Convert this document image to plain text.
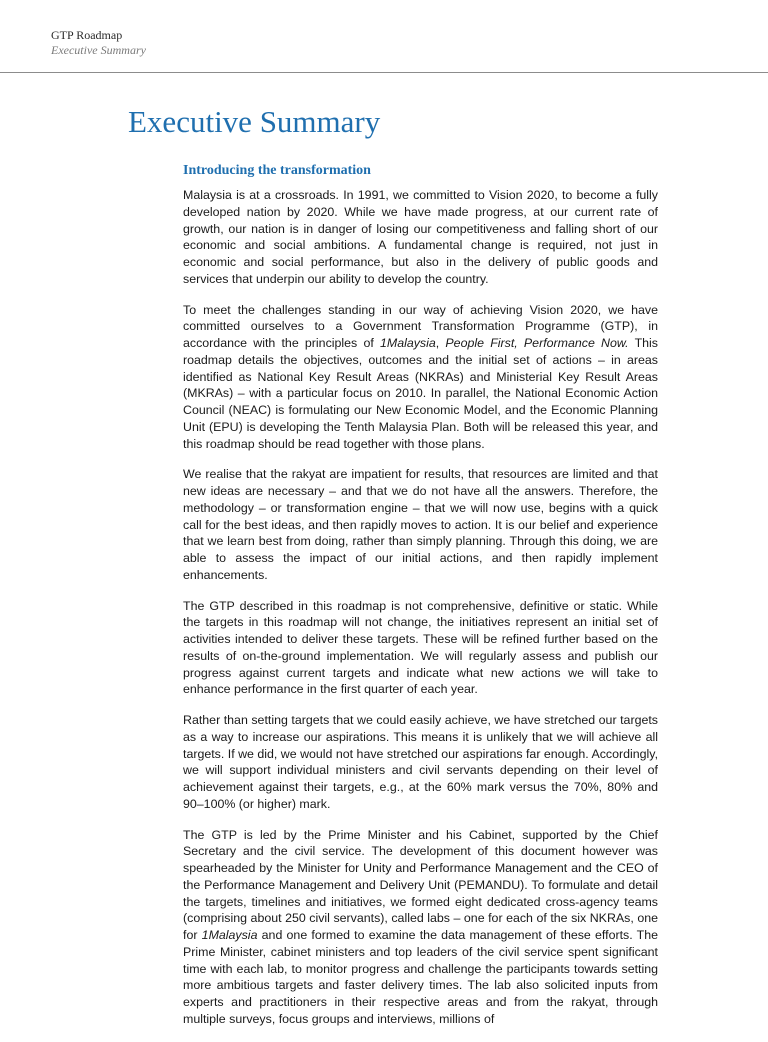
GTP Roadmap
Executive Summary
Executive Summary
Introducing the transformation

Malaysia is at a crossroads. In 1991, we committed to Vision 2020, to become a fully developed nation by 2020. While we have made progress, at our current rate of growth, our nation is in danger of losing our competitiveness and falling short of our economic and social ambitions. A fundamental change is required, not just in economic and social performance, but also in the delivery of public goods and services that underpin our ability to develop the country.

To meet the challenges standing in our way of achieving Vision 2020, we have committed ourselves to a Government Transformation Programme (GTP), in accordance with the principles of 1Malaysia, People First, Performance Now. This roadmap details the objectives, outcomes and the initial set of actions – in areas identified as National Key Result Areas (NKRAs) and Ministerial Key Result Areas (MKRAs) – with a particular focus on 2010. In parallel, the National Economic Action Council (NEAC) is formulating our New Economic Model, and the Economic Planning Unit (EPU) is developing the Tenth Malaysia Plan. Both will be released this year, and this roadmap should be read together with those plans.

We realise that the rakyat are impatient for results, that resources are limited and that new ideas are necessary – and that we do not have all the answers. Therefore, the methodology – or transformation engine – that we will now use, begins with a quick call for the best ideas, and then rapidly moves to action. It is our belief and experience that we learn best from doing, rather than simply planning. Through this doing, we are able to assess the impact of our initial actions, and then rapidly implement enhancements.

The GTP described in this roadmap is not comprehensive, definitive or static. While the targets in this roadmap will not change, the initiatives represent an initial set of activities intended to deliver these targets. These will be refined further based on the results of on-the-ground implementation. We will regularly assess and publish our progress against current targets and indicate what new actions we will take to enhance performance in the first quarter of each year.

Rather than setting targets that we could easily achieve, we have stretched our targets as a way to increase our aspirations. This means it is unlikely that we will achieve all targets. If we did, we would not have stretched our aspirations far enough. Accordingly, we will support individual ministers and civil servants depending on their level of achievement against their targets, e.g., at the 60% mark versus the 70%, 80% and 90–100% (or higher) mark.

The GTP is led by the Prime Minister and his Cabinet, supported by the Chief Secretary and the civil service. The development of this document however was spearheaded by the Minister for Unity and Performance Management and the CEO of the Performance Management and Delivery Unit (PEMANDU). To formulate and detail the targets, timelines and initiatives, we formed eight dedicated cross-agency teams (comprising about 250 civil servants), called labs – one for each of the six NKRAs, one for 1Malaysia and one formed to examine the data management of these efforts. The Prime Minister, cabinet ministers and top leaders of the civil service spent significant time with each lab, to monitor progress and challenge the participants towards setting more ambitious targets and faster delivery times. The lab also solicited inputs from experts and practitioners in their respective areas and from the rakyat, through multiple surveys, focus groups and interviews, millions of
